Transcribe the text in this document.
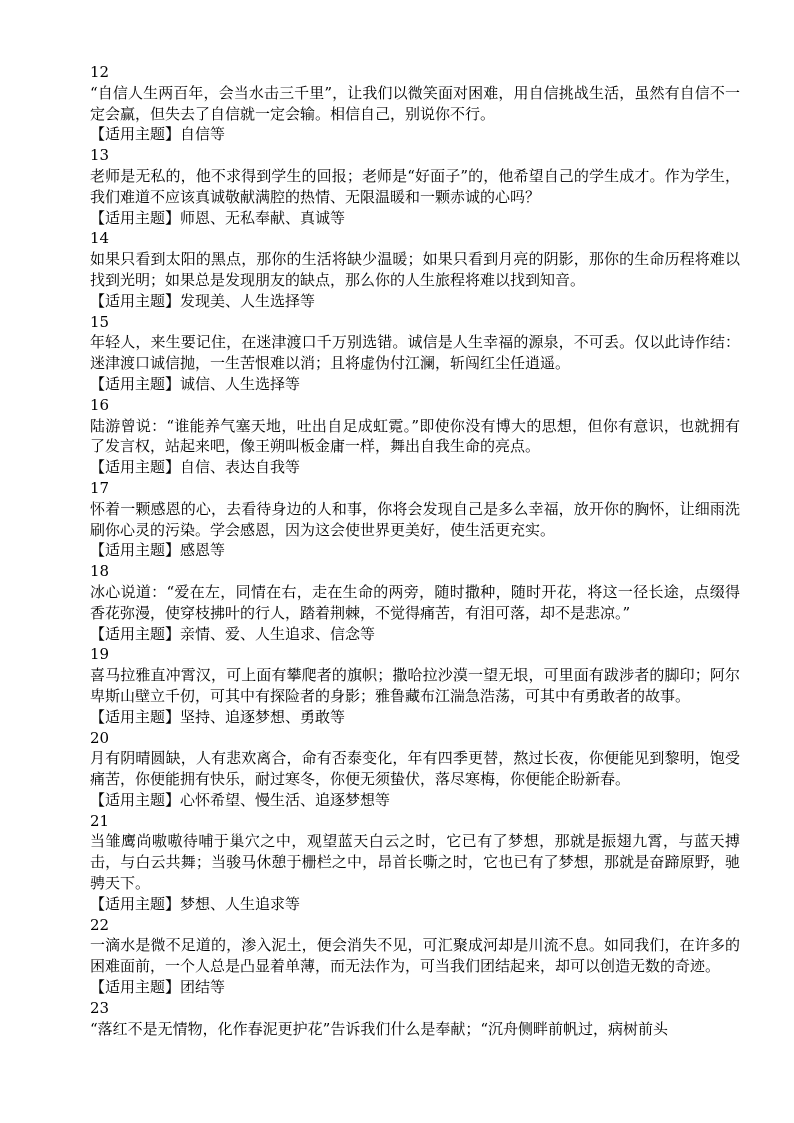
12

“自信人生两百年，会当水击三千里”，让我们以微笑面对困难，用自信挑战生活，虽然有自信不一定会赢，但失去了自信就一定会输。相信自己，别说你不行。

【适用主题】自信等

13

老师是无私的，他不求得到学生的回报；老师是“好面子”的，他希望自己的学生成才。作为学生，我们难道不应该真诚敬献满腔的热情、无限温暖和一颗赤诚的心吗？

【适用主题】师恩、无私奉献、真诚等

14

如果只看到太阳的黑点，那你的生活将缺少温暖；如果只看到月亮的阴影，那你的生命历程将难以找到光明；如果总是发现朋友的缺点，那么你的人生旅程将难以找到知音。

【适用主题】发现美、人生选择等

15

年轻人，来生要记住，在迷津渡口千万别选错。诚信是人生幸福的源泉，不可丢。仅以此诗作结：迷津渡口诚信抛，一生苦恨难以消；且将虚伪付江澜，斩闯红尘任逍遥。

【适用主题】诚信、人生选择等

16

陆游曾说：“谁能养气塞天地，吐出自足成虹霓。”即使你没有博大的思想，但你有意识，也就拥有了发言权，站起来吧，像王朔叫板金庸一样，舞出自我生命的亮点。

【适用主题】自信、表达自我等

17

怀着一颗感恩的心，去看待身边的人和事，你将会发现自己是多么幸福，放开你的胸怀，让细雨洗刷你心灵的污染。学会感恩，因为这会使世界更美好，使生活更充实。

【适用主题】感恩等

18

冰心说道：“爱在左，同情在右，走在生命的两旁，随时撒种，随时开花，将这一径长途，点缀得香花弥漫，使穿枝拂叶的行人，踏着荆棘，不觉得痛苦，有泪可落，却不是悲凉。”

【适用主题】亲情、爱、人生追求、信念等

19

喜马拉雅直冲霄汉，可上面有攀爬者的旗帜；撒哈拉沙漠一望无垠，可里面有跋涉者的脚印；阿尔卑斯山壁立千仞，可其中有探险者的身影；雅鲁藏布江湍急浩荡，可其中有勇敢者的故事。

【适用主题】坚持、追逐梦想、勇敢等

20

月有阴晴圆缺，人有悲欢离合，命有否泰变化，年有四季更替，熬过长夜，你便能见到黎明，饱受痛苦，你便能拥有快乐，耐过寒冬，你便无须蛰伏，落尽寒梅，你便能企盼新春。

【适用主题】心怀希望、慢生活、追逐梦想等

21

当雏鹰尚嗷嗷待哺于巢穴之中，观望蓝天白云之时，它已有了梦想，那就是振翅九霄，与蓝天搏击，与白云共舞；当骏马休憩于栅栏之中，昂首长嘶之时，它也已有了梦想，那就是奋蹄原野，驰骋天下。

【适用主题】梦想、人生追求等

22

一滴水是微不足道的，渗入泥土，便会消失不见，可汇聚成河却是川流不息。如同我们，在许多的困难面前，一个人总是凸显着单薄，而无法作为，可当我们团结起来，却可以创造无数的奇迹。

【适用主题】团结等

23

“落红不是无情物，化作春泥更护花”告诉我们什么是奉献；“沉舟侧畔前帆过，病树前头
